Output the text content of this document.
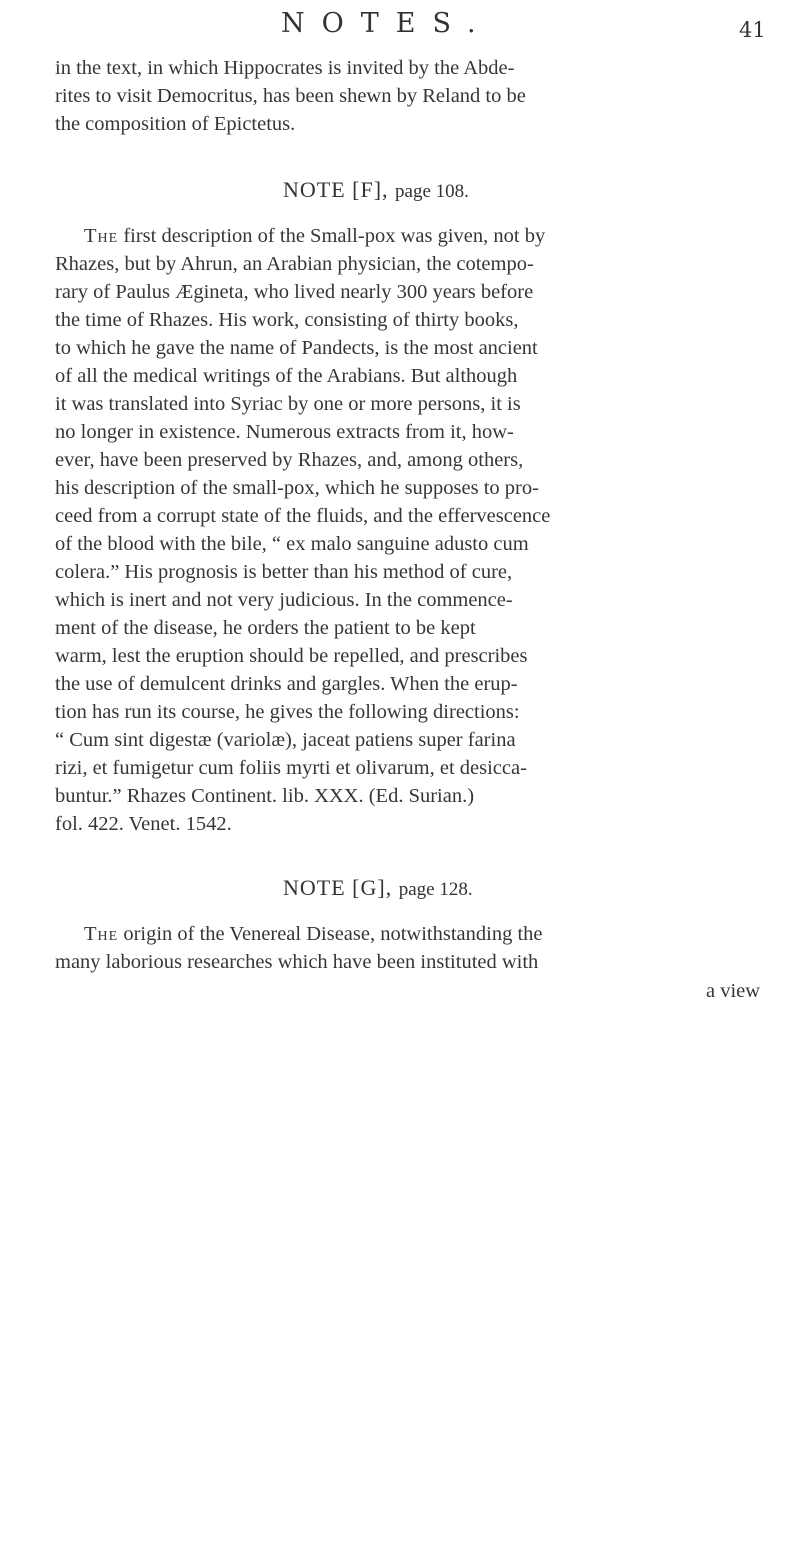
NOTES.	41
in the text, in which Hippocrates is invited by the Abde-
rites to visit Democritus, has been shewn by Reland to be
the composition of Epictetus.
NOTE [F], page 108.
The first description of the Small-pox was given, not by
Rhazes, but by Ahrun, an Arabian physician, the cotempo-
rary of Paulus Ægineta, who lived nearly 300 years before
the time of Rhazes. His work, consisting of thirty books,
to which he gave the name of Pandects, is the most ancient
of all the medical writings of the Arabians. But although
it was translated into Syriac by one or more persons, it is
no longer in existence. Numerous extracts from it, how-
ever, have been preserved by Rhazes, and, among others,
his description of the small-pox, which he supposes to pro-
ceed from a corrupt state of the fluids, and the effervescence
of the blood with the bile, “ ex malo sanguine adusto cum
colera.” His prognosis is better than his method of cure,
which is inert and not very judicious. In the commence-
ment of the disease, he orders the patient to be kept
warm, lest the eruption should be repelled, and prescribes
the use of demulcent drinks and gargles. When the erup-
tion has run its course, he gives the following directions:
“ Cum sint digestæ (variolæ), jaceat patiens super farina
rizi, et fumigetur cum foliis myrti et olivarum, et desicca-
buntur.” Rhazes Continent. lib. XXX. (Ed. Surian.)
fol. 422. Venet. 1542.
NOTE [G], page 128.
The origin of the Venereal Disease, notwithstanding the
many laborious researches which have been instituted with
a view
